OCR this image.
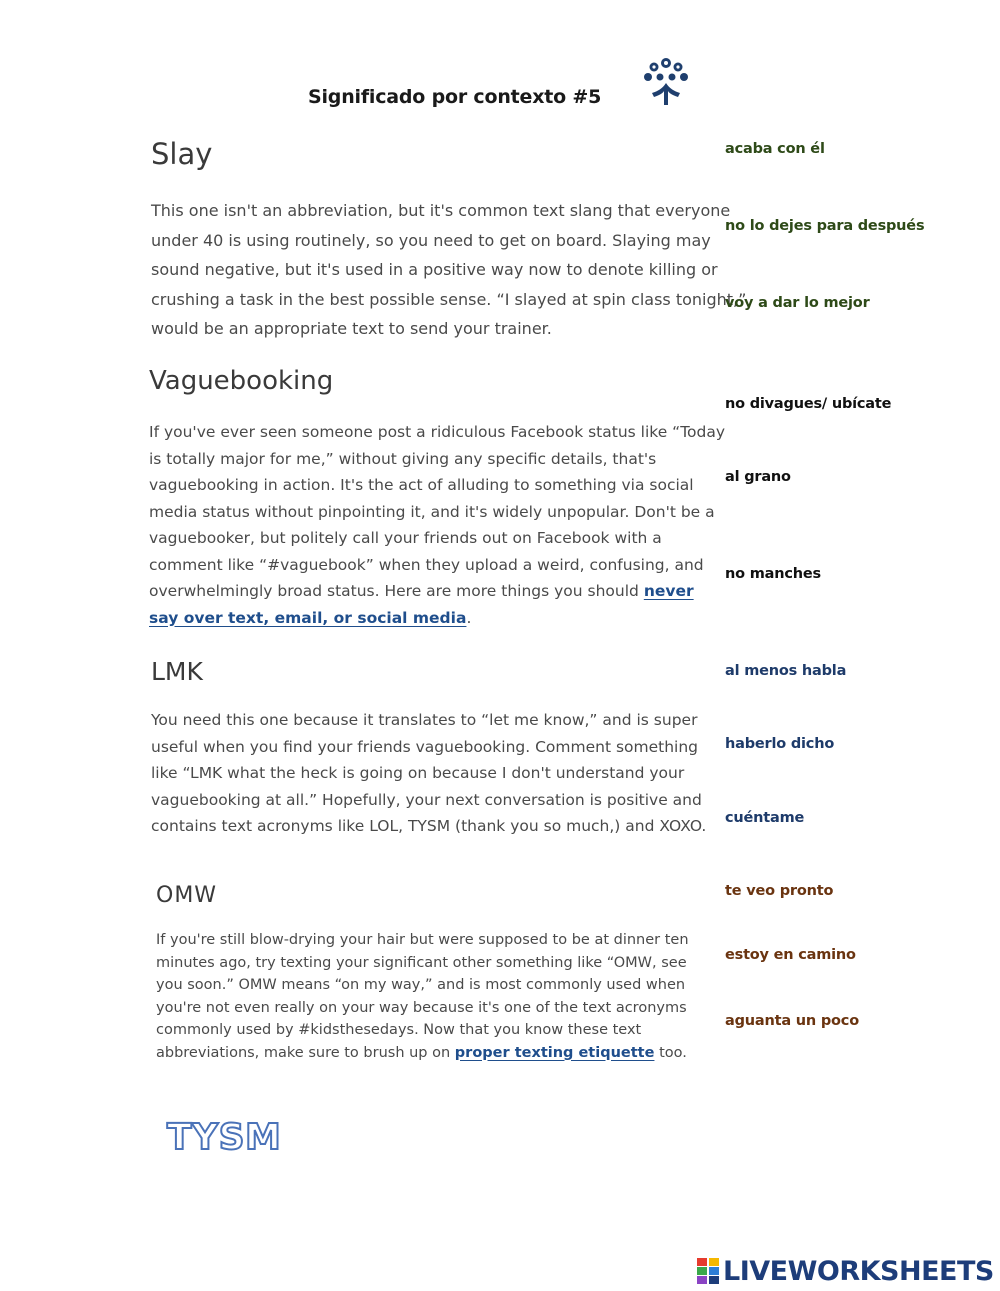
Significado por contexto #5
Slay
This one isn't an abbreviation, but it's common text slang that everyone
under 40 is using routinely, so you need to get on board. Slaying may
sound negative, but it's used in a positive way now to denote killing or
crushing a task in the best possible sense. “I slayed at spin class tonight,”
would be an appropriate text to send your trainer.
Vaguebooking
If you've ever seen someone post a ridiculous Facebook status like “Today
is totally major for me,” without giving any specific details, that's
vaguebooking in action. It's the act of alluding to something via social
media status without pinpointing it, and it's widely unpopular. Don't be a
vaguebooker, but politely call your friends out on Facebook with a
comment like “#vaguebook” when they upload a weird, confusing, and
overwhelmingly broad status. Here are more things you should never
say over text, email, or social media.
LMK
You need this one because it translates to “let me know,” and is super
useful when you find your friends vaguebooking. Comment something
like “LMK what the heck is going on because I don't understand your
vaguebooking at all.” Hopefully, your next conversation is positive and
contains text acronyms like LOL, TYSM (thank you so much,) and XOXO.
OMW
If you're still blow-drying your hair but were supposed to be at dinner ten
minutes ago, try texting your significant other something like “OMW, see
you soon.” OMW means “on my way,” and is most commonly used when
you're not even really on your way because it's one of the text acronyms
commonly used by #kidsthesedays. Now that you know these text
abbreviations, make sure to brush up on proper texting etiquette too.
acaba con él
no lo dejes para después
voy a dar lo mejor
no divagues/ ubícate
al grano
no manches
al menos habla
haberlo dicho
cuéntame
te veo pronto
estoy en camino
aguanta un poco
TYSM
LIVEWORKSHEETS
